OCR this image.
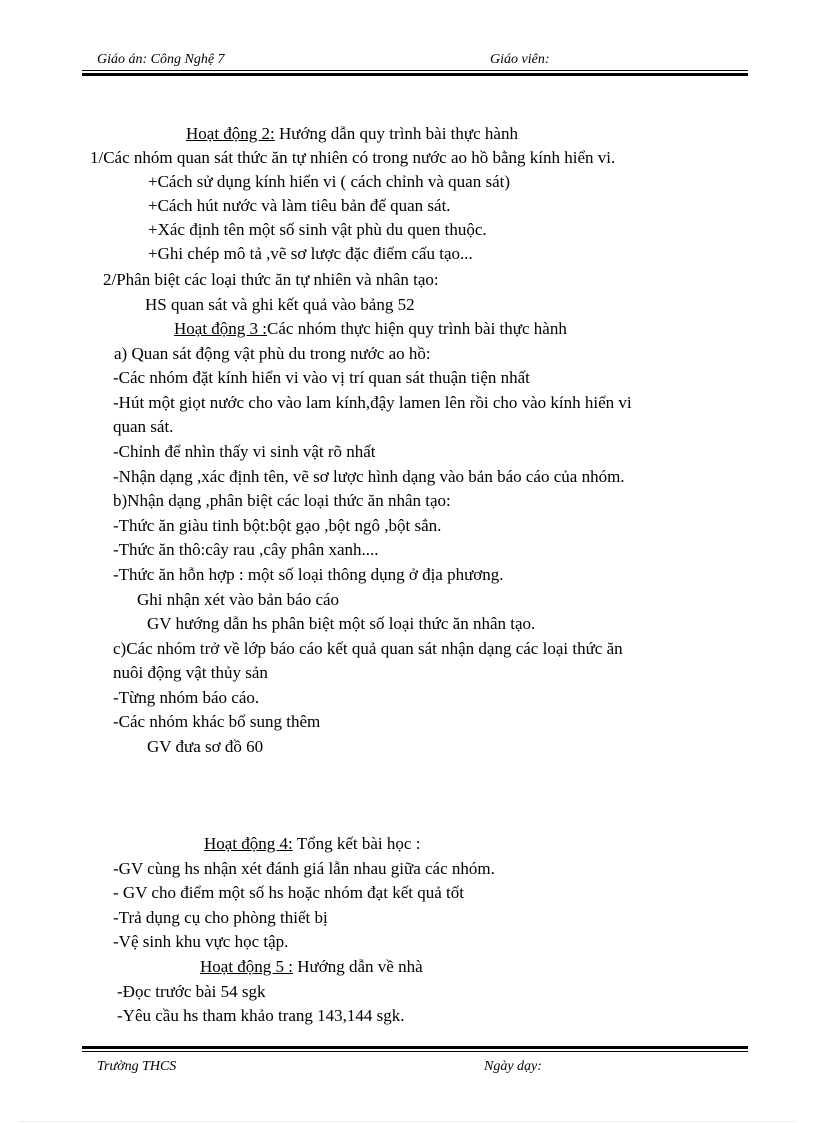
Giáo án: Công Nghệ 7	Giáo viên:
Hoạt động 2: Hướng dẫn quy trình bài thực hành
1/Các nhóm quan sát thức ăn tự nhiên có trong nước ao hồ bằng kính hiển vi.
+Cách sử dụng kính hiển vi ( cách chỉnh và quan sát)
+Cách hút nước và làm tiêu bản để quan sát.
+Xác định tên một số sinh vật phù du quen thuộc.
+Ghi chép mô tả ,vẽ sơ lược đặc điểm cấu tạo...
2/Phân biệt các loại thức ăn tự nhiên và nhân tạo:
HS quan sát và ghi kết quả vào bảng 52
Hoạt động 3 :Các nhóm thực hiện quy trình bài thực hành
a) Quan sát động vật phù du trong nước ao hồ:
-Các nhóm đặt kính hiển vi vào vị trí quan sát thuận tiện nhất
-Hút một giọt nước cho vào lam kính,đậy lamen lên rồi cho vào kính hiển vi
quan sát.
-Chỉnh để nhìn thấy vi sinh vật rõ nhất
-Nhận dạng ,xác định tên, vẽ sơ lược hình dạng vào bản báo cáo của nhóm.
b)Nhận dạng ,phân biệt các loại thức ăn nhân tạo:
-Thức ăn giàu tinh bột:bột gạo ,bột ngô ,bột sắn.
-Thức ăn thô:cây rau ,cây phân xanh....
-Thức ăn hỗn hợp : một số loại thông dụng ở địa phương.
Ghi nhận xét vào bản báo cáo
GV hướng dẫn hs phân biệt một số loại thức ăn nhân tạo.
c)Các nhóm trở về lớp báo cáo kết quả quan sát nhận dạng các loại thức ăn
nuôi động vật thủy sản
-Từng nhóm báo cáo.
-Các nhóm khác bổ sung thêm
GV đưa sơ đồ 60
Hoạt động 4: Tổng kết bài học :
-GV cùng hs nhận xét đánh giá lẫn nhau giữa các nhóm.
- GV cho điểm một số hs hoặc nhóm đạt kết quả tốt
-Trả dụng cụ cho phòng thiết bị
-Vệ sinh khu vực học tập.
Hoạt động 5 : Hướng dẫn về nhà
-Đọc trước bài 54 sgk
-Yêu cầu hs tham khảo trang 143,144 sgk.
Trường THCS	Ngày dạy:
